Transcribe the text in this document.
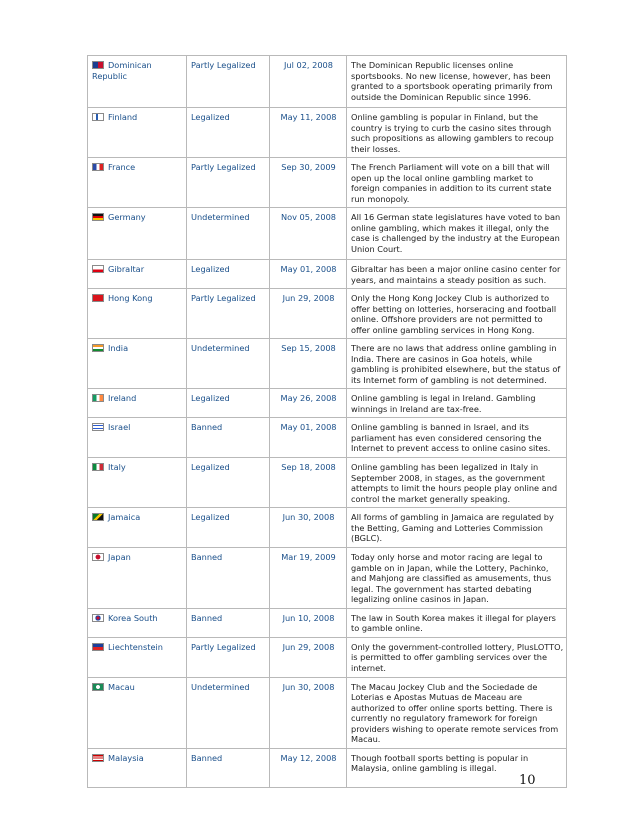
Dominican Republic	Partly Legalized	Jul 02, 2008	The Dominican Republic licenses online sportsbooks. No new license, however, has been granted to a sportsbook operating primarily from outside the Dominican Republic since 1996.
Finland	Legalized	May 11, 2008	Online gambling is popular in Finland, but the country is trying to curb the casino sites through such propositions as allowing gamblers to recoup their losses.
France	Partly Legalized	Sep 30, 2009	The French Parliament will vote on a bill that will open up the local online gambling market to foreign companies in addition to its current state run monopoly.
Germany	Undetermined	Nov 05, 2008	All 16 German state legislatures have voted to ban online gambling, which makes it illegal, only the case is challenged by the industry at the European Union Court.
Gibraltar	Legalized	May 01, 2008	Gibraltar has been a major online casino center for years, and maintains a steady position as such.
Hong Kong	Partly Legalized	Jun 29, 2008	Only the Hong Kong Jockey Club is authorized to offer betting on lotteries, horseracing and football online. Offshore providers are not permitted to offer online gambling services in Hong Kong.
India	Undetermined	Sep 15, 2008	There are no laws that address online gambling in India. There are casinos in Goa hotels, while gambling is prohibited elsewhere, but the status of its Internet form of gambling is not determined.
Ireland	Legalized	May 26, 2008	Online gambling is legal in Ireland. Gambling winnings in Ireland are tax-free.
Israel	Banned	May 01, 2008	Online gambling is banned in Israel, and its parliament has even considered censoring the Internet to prevent access to online casino sites.
Italy	Legalized	Sep 18, 2008	Online gambling has been legalized in Italy in September 2008, in stages, as the government attempts to limit the hours people play online and control the market generally speaking.
Jamaica	Legalized	Jun 30, 2008	All forms of gambling in Jamaica are regulated by the Betting, Gaming and Lotteries Commission (BGLC).
Japan	Banned	Mar 19, 2009	Today only horse and motor racing are legal to gamble on in Japan, while the Lottery, Pachinko, and Mahjong are classified as amusements, thus legal. The government has started debating legalizing online casinos in Japan.
Korea South	Banned	Jun 10, 2008	The law in South Korea makes it illegal for players to gamble online.
Liechtenstein	Partly Legalized	Jun 29, 2008	Only the government-controlled lottery, PlusLOTTO, is permitted to offer gambling services over the internet.
Macau	Undetermined	Jun 30, 2008	The Macau Jockey Club and the Sociedade de Loterias e Apostas Mutuas de Maceau are authorized to offer online sports betting. There is currently no regulatory framework for foreign providers wishing to operate remote services from Macau.
Malaysia	Banned	May 12, 2008	Though football sports betting is popular in Malaysia, online gambling is illegal.
10
